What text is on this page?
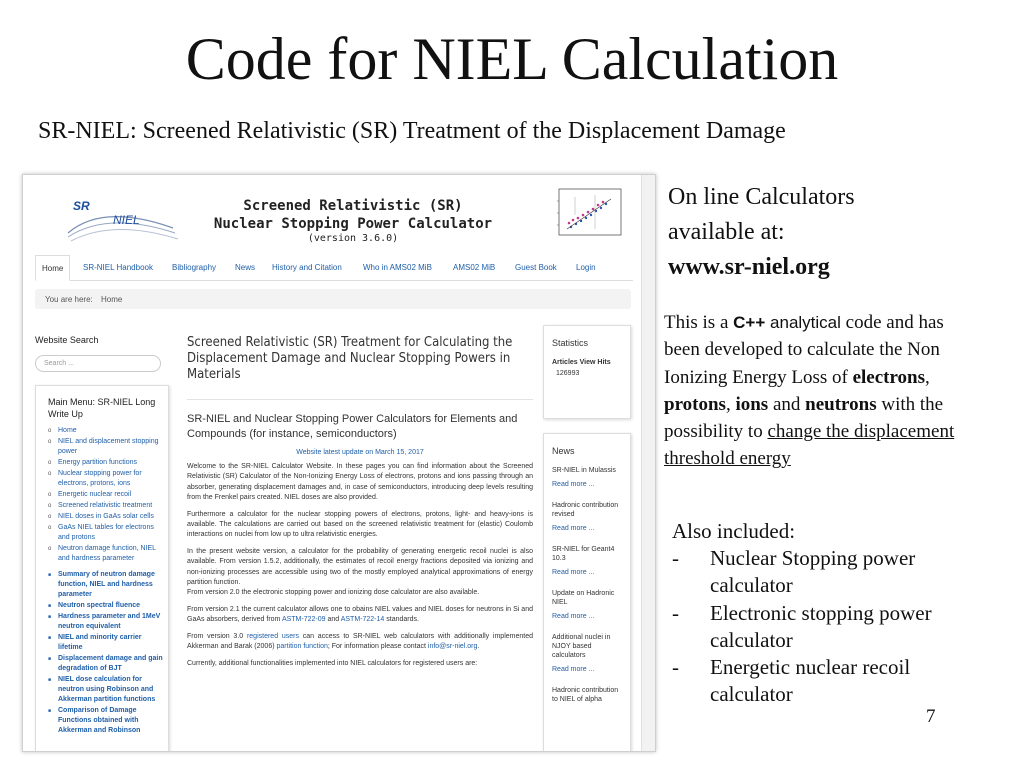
Code for NIEL Calculation
SR-NIEL: Screened Relativistic (SR) Treatment of the Displacement Damage
SR
NIEL
Screened Relativistic (SR)
Nuclear Stopping Power Calculator
(version 3.6.0)
Home	SR-NIEL Handbook Bibliography News History and Citation	Who in AMS02 MiB	AMS02 MiB Guest Book Login
You are here: Home
Website Search
Search ...
Main Menu: SR-NIEL Long Write Up
o Home
o NIEL and displacement stopping power
o Energy partition functions
o Nuclear stopping power for electrons, protons, ions
o Energetic nuclear recoil
o Screened relativistic treatment
o NIEL doses in GaAs solar cells
o GaAs NIEL tables for electrons and protons
o Neutron damage function, NIEL and hardness parameter
■ Summary of neutron damage function, NIEL and hardness parameter
■ Neutron spectral fluence
■ Hardness parameter and 1MeV neutron equivalent
■ NIEL and minority carrier lifetime
■ Displacement damage and gain degradation of BJT
■ NIEL dose calculation for neutron using Robinson and Akkerman partition functions
■ Comparison of Damage Functions obtained with Akkerman and Robinson
Screened Relativistic (SR) Treatment for Calculating the Displacement Damage and Nuclear Stopping Powers in Materials
SR-NIEL and Nuclear Stopping Power Calculators for Elements and Compounds (for instance, semiconductors)
Website latest update on March 15, 2017

Welcome to the SR-NIEL Calculator Website. In these pages you can find information about the Screened Relativistic (SR) Calculator of the Non-Ionizing Energy Loss of electrons, protons and ions passing through an absorber, generating displacement damages and, in case of semiconductors, introducing deep levels resulting from the Frenkel pairs created. NIEL doses are also provided.

Furthermore a calculator for the nuclear stopping powers of electrons, protons, light- and heavy-ions is available. The calculations are carried out based on the screened relativistic treatment for (elastic) Coulomb interactions on nuclei from low up to ultra relativistic energies.

In the present website version, a calculator for the probability of generating energetic recoil nuclei is also available. From version 1.5.2, additionally, the estimates of recoil energy fractions deposited via ionizing and non-ionizing processes are accessible using two of the mostly employed analytical approximations of energy partition function.

From version 2.0 the electronic stopping power and ionizing dose calculator are also available.

From version 2.1 the current calculator allows one to obains NIEL values and NIEL doses for neutrons in Si and GaAs absorbers, derived from ASTM-722-09 and ASTM-722-14 standards.

From version 3.0 registered users can access to SR-NIEL web calculators with additionally implemented Akkerman and Barak (2006) partition function; For information please contact info@sr-niel.org.

Currently, additional functionalities implemented into NIEL calculators for registered users are:

Statistics
Articles View Hits
126993
News
SR-NIEL in Mulassis
Read more ...
Hadronic contribution revised
Read more ...
SR-NIEL for Geant4 10.3
Read more ...
Update on Hadronic NIEL
Read more ...
Additional nuclei in NJOY based calculators
Read more ...
Hadronic contribution to NIEL of alpha
On line Calculators
available at:
www.sr-niel.org
This is a C++ analytical code and has been developed to calculate the Non Ionizing Energy Loss of electrons, protons, ions and neutrons with the possibility to change the displacement threshold energy
Also included:
- Nuclear Stopping power calculator
- Electronic stopping power calculator
- Energetic nuclear recoil calculator
7
